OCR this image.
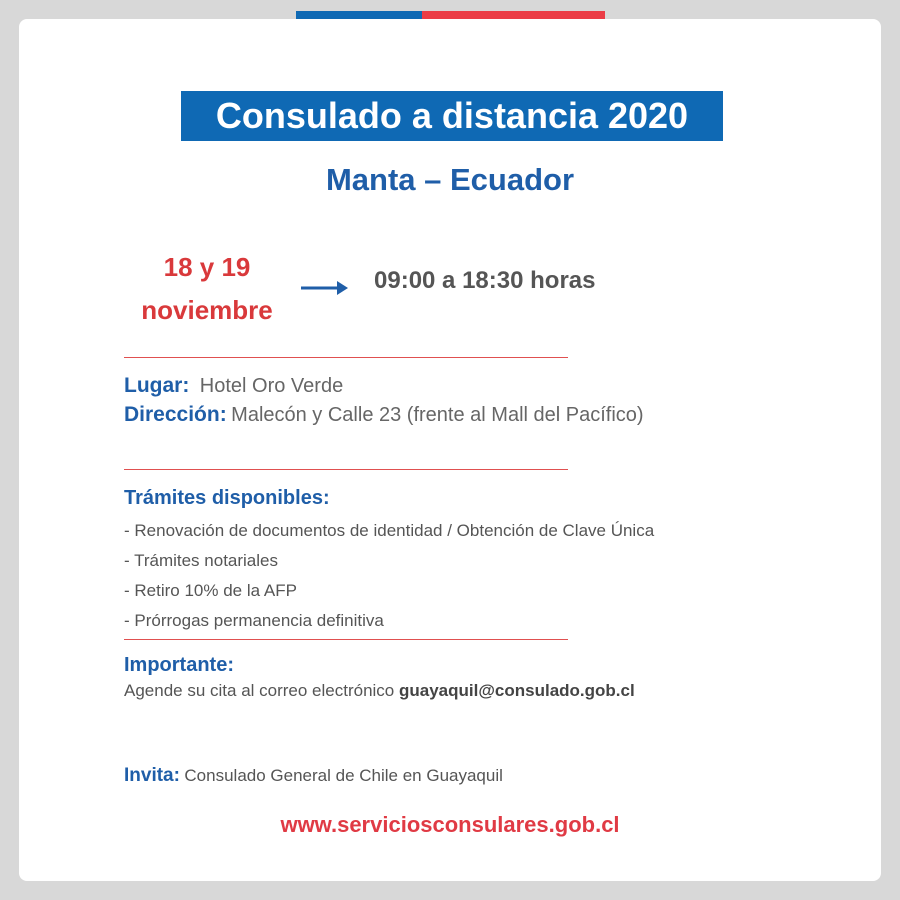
Consulado a distancia 2020
Manta – Ecuador
18 y 19
noviembre
09:00 a 18:30 horas
Lugar: Hotel Oro Verde
Dirección: Malecón y Calle 23 (frente al Mall del Pacífico)
Trámites disponibles:
- Renovación de documentos de identidad / Obtención de Clave Única
- Trámites notariales
- Retiro 10% de la AFP
- Prórrogas permanencia definitiva
Importante:
Agende su cita al correo electrónico guayaquil@consulado.gob.cl
Invita: Consulado General de Chile en Guayaquil
www.serviciosconsulares.gob.cl
